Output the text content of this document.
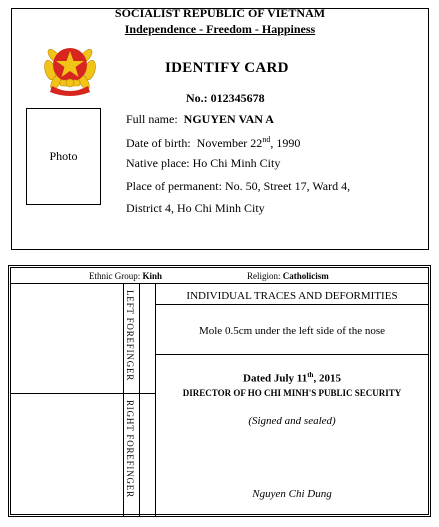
SOCIALIST REPUBLIC OF VIETNAM
Independence - Freedom - Happiness
IDENTIFY CARD
No.: 012345678
Photo
Full name: NGUYEN VAN A
Date of birth: November 22nd, 1990
Native place: Ho Chi Minh City
Place of permanent: No. 50, Street 17, Ward 4,
District 4, Ho Chi Minh City
Ethnic Group: Kinh	Religion: Catholicism
LEFT FOREFINGER
RIGHT FOREFINGER
INDIVIDUAL TRACES AND DEFORMITIES
Mole 0.5cm under the left side of the nose
Dated July 11th, 2015
DIRECTOR OF HO CHI MINH'S PUBLIC SECURITY
(Signed and sealed)
Nguyen Chi Dung
